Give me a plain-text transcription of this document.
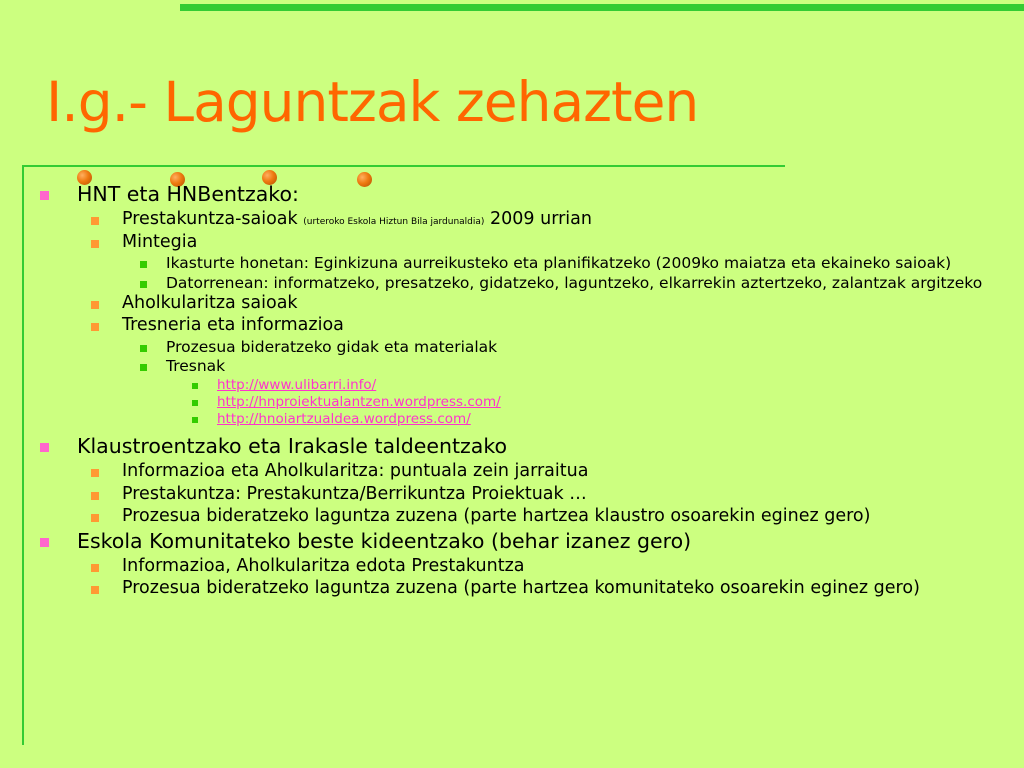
I.g.- Laguntzak zehazten
HNT eta HNBentzako:
Prestakuntza-saioak (urteroko Eskola Hiztun Bila jardunaldia) 2009 urrian
Mintegia
Ikasturte honetan: Eginkizuna aurreikusteko eta planifikatzeko (2009ko maiatza eta ekaineko saioak)
Datorrenean: informatzeko, presatzeko, gidatzeko, laguntzeko, elkarrekin aztertzeko, zalantzak argitzeko
Aholkularitza saioak
Tresneria eta informazioa
Prozesua bideratzeko gidak eta materialak
Tresnak
http://www.ulibarri.info/
http://hnproiektualantzen.wordpress.com/
http://hnoiartzualdea.wordpress.com/
Klaustroentzako eta Irakasle taldeentzako
Informazioa eta Aholkularitza: puntuala zein jarraitua
Prestakuntza: Prestakuntza/Berrikuntza Proiektuak …
Prozesua bideratzeko laguntza zuzena (parte hartzea klaustro osoarekin eginez gero)
Eskola Komunitateko beste kideentzako (behar izanez gero)
Informazioa, Aholkularitza edota Prestakuntza
Prozesua bideratzeko laguntza zuzena (parte hartzea komunitateko osoarekin eginez gero)
